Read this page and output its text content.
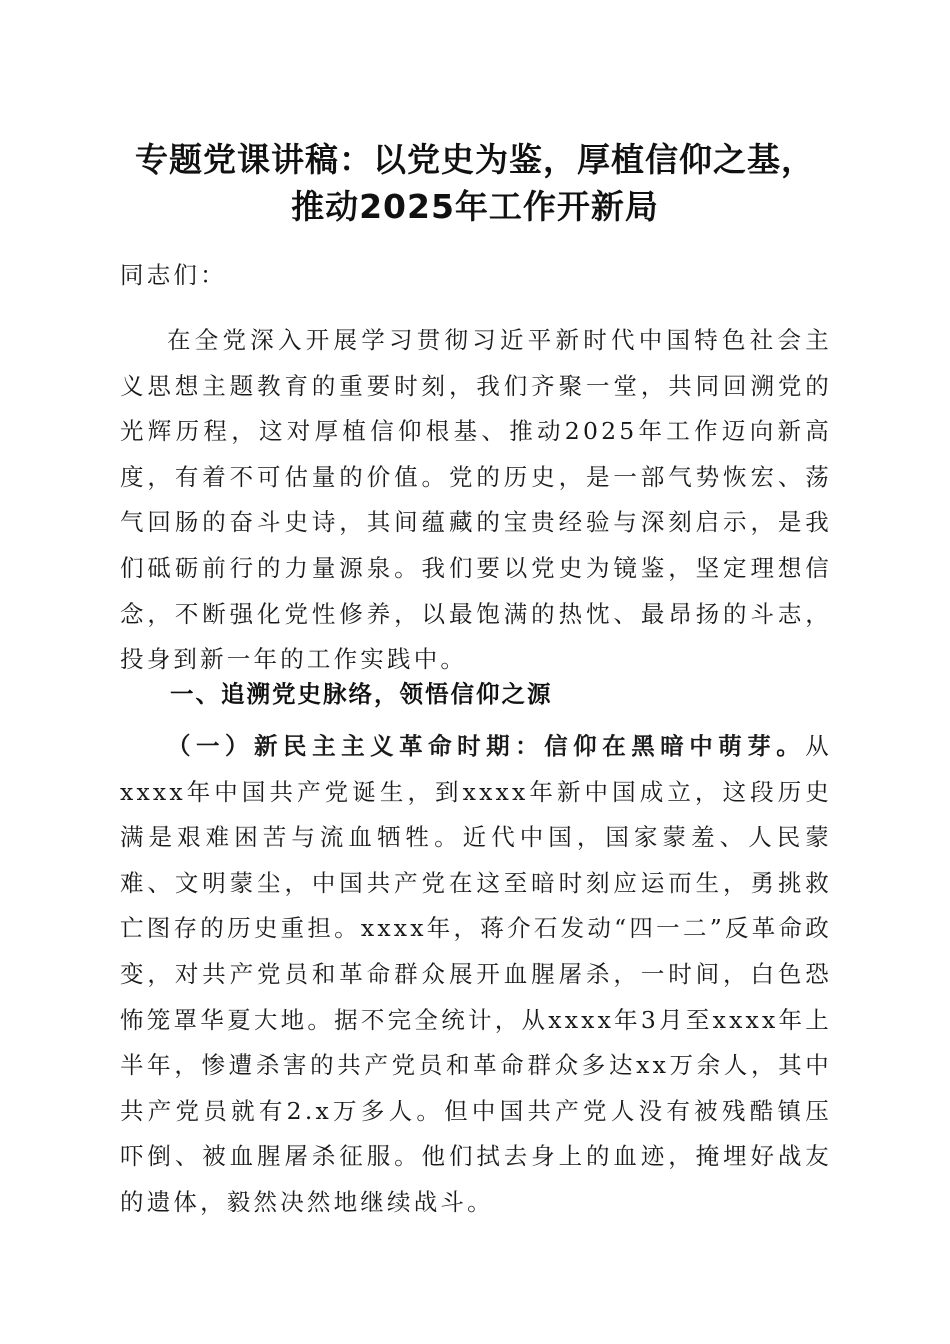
专题党课讲稿：以党史为鉴，厚植信仰之基，
推动2025年工作开新局

同志们：

在全党深入开展学习贯彻习近平新时代中国特色社会主义思想主题教育的重要时刻，我们齐聚一堂，共同回溯党的光辉历程，这对厚植信仰根基、推动2025年工作迈向新高度，有着不可估量的价值。党的历史，是一部气势恢宏、荡气回肠的奋斗史诗，其间蕴藏的宝贵经验与深刻启示，是我们砥砺前行的力量源泉。我们要以党史为镜鉴，坚定理想信念，不断强化党性修养，以最饱满的热忱、最昂扬的斗志，投身到新一年的工作实践中。

一、追溯党史脉络，领悟信仰之源

（一）新民主主义革命时期：信仰在黑暗中萌芽。从xxxx年中国共产党诞生，到xxxx年新中国成立，这段历史满是艰难困苦与流血牺牲。近代中国，国家蒙羞、人民蒙难、文明蒙尘，中国共产党在这至暗时刻应运而生，勇挑救亡图存的历史重担。xxxx年，蒋介石发动“四一二”反革命政变，对共产党员和革命群众展开血腥屠杀，一时间，白色恐怖笼罩华夏大地。据不完全统计，从xxxx年3月至xxxx年上半年，惨遭杀害的共产党员和革命群众多达xx万余人，其中共产党员就有2.x万多人。但中国共产党人没有被残酷镇压吓倒、被血腥屠杀征服。他们拭去身上的血迹，掩埋好战友的遗体，毅然决然地继续战斗。
